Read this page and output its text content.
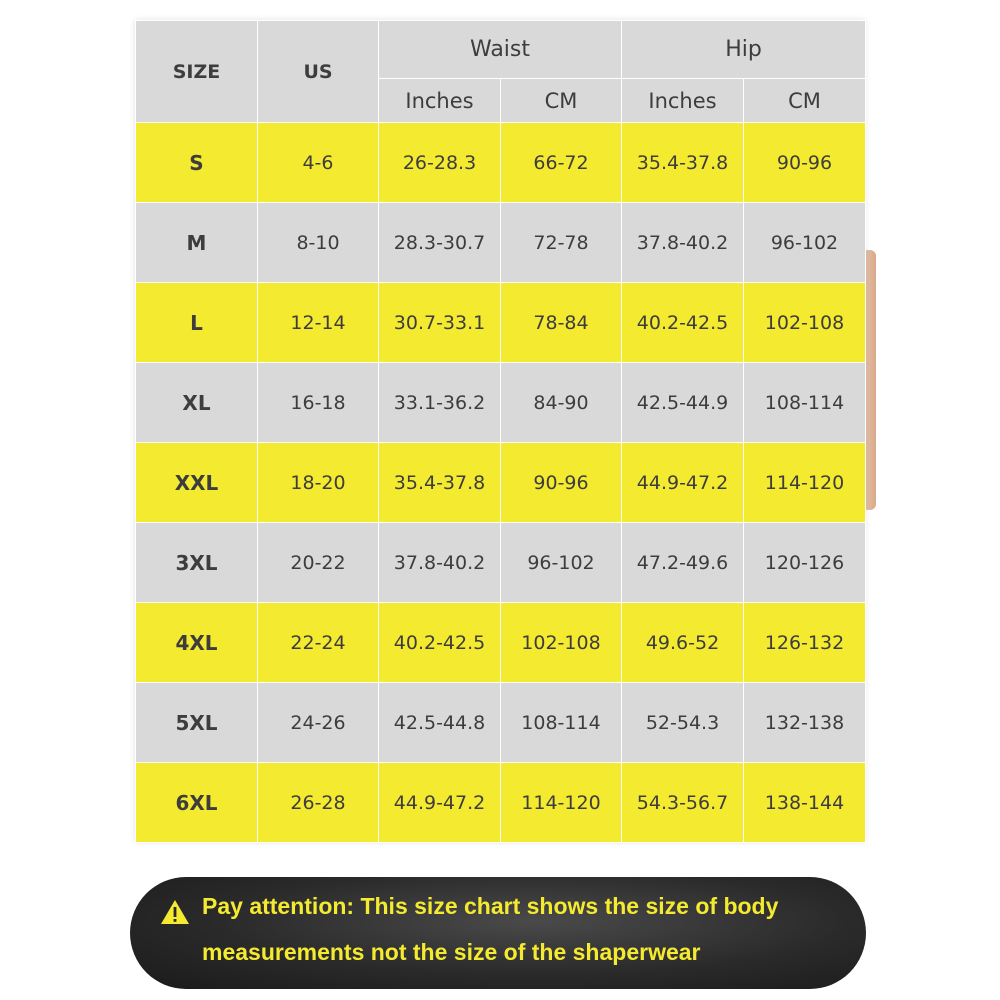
SIZE	US	Waist		Hip	
		Inches	CM	Inches	CM
S	4-6	26-28.3	66-72	35.4-37.8	90-96
M	8-10	28.3-30.7	72-78	37.8-40.2	96-102
L	12-14	30.7-33.1	78-84	40.2-42.5	102-108
XL	16-18	33.1-36.2	84-90	42.5-44.9	108-114
XXL	18-20	35.4-37.8	90-96	44.9-47.2	114-120
3XL	20-22	37.8-40.2	96-102	47.2-49.6	120-126
4XL	22-24	40.2-42.5	102-108	49.6-52	126-132
5XL	24-26	42.5-44.8	108-114	52-54.3	132-138
6XL	26-28	44.9-47.2	114-120	54.3-56.7	138-144
Pay attention: This size chart shows the size of body
measurements not the size of the shaperwear
